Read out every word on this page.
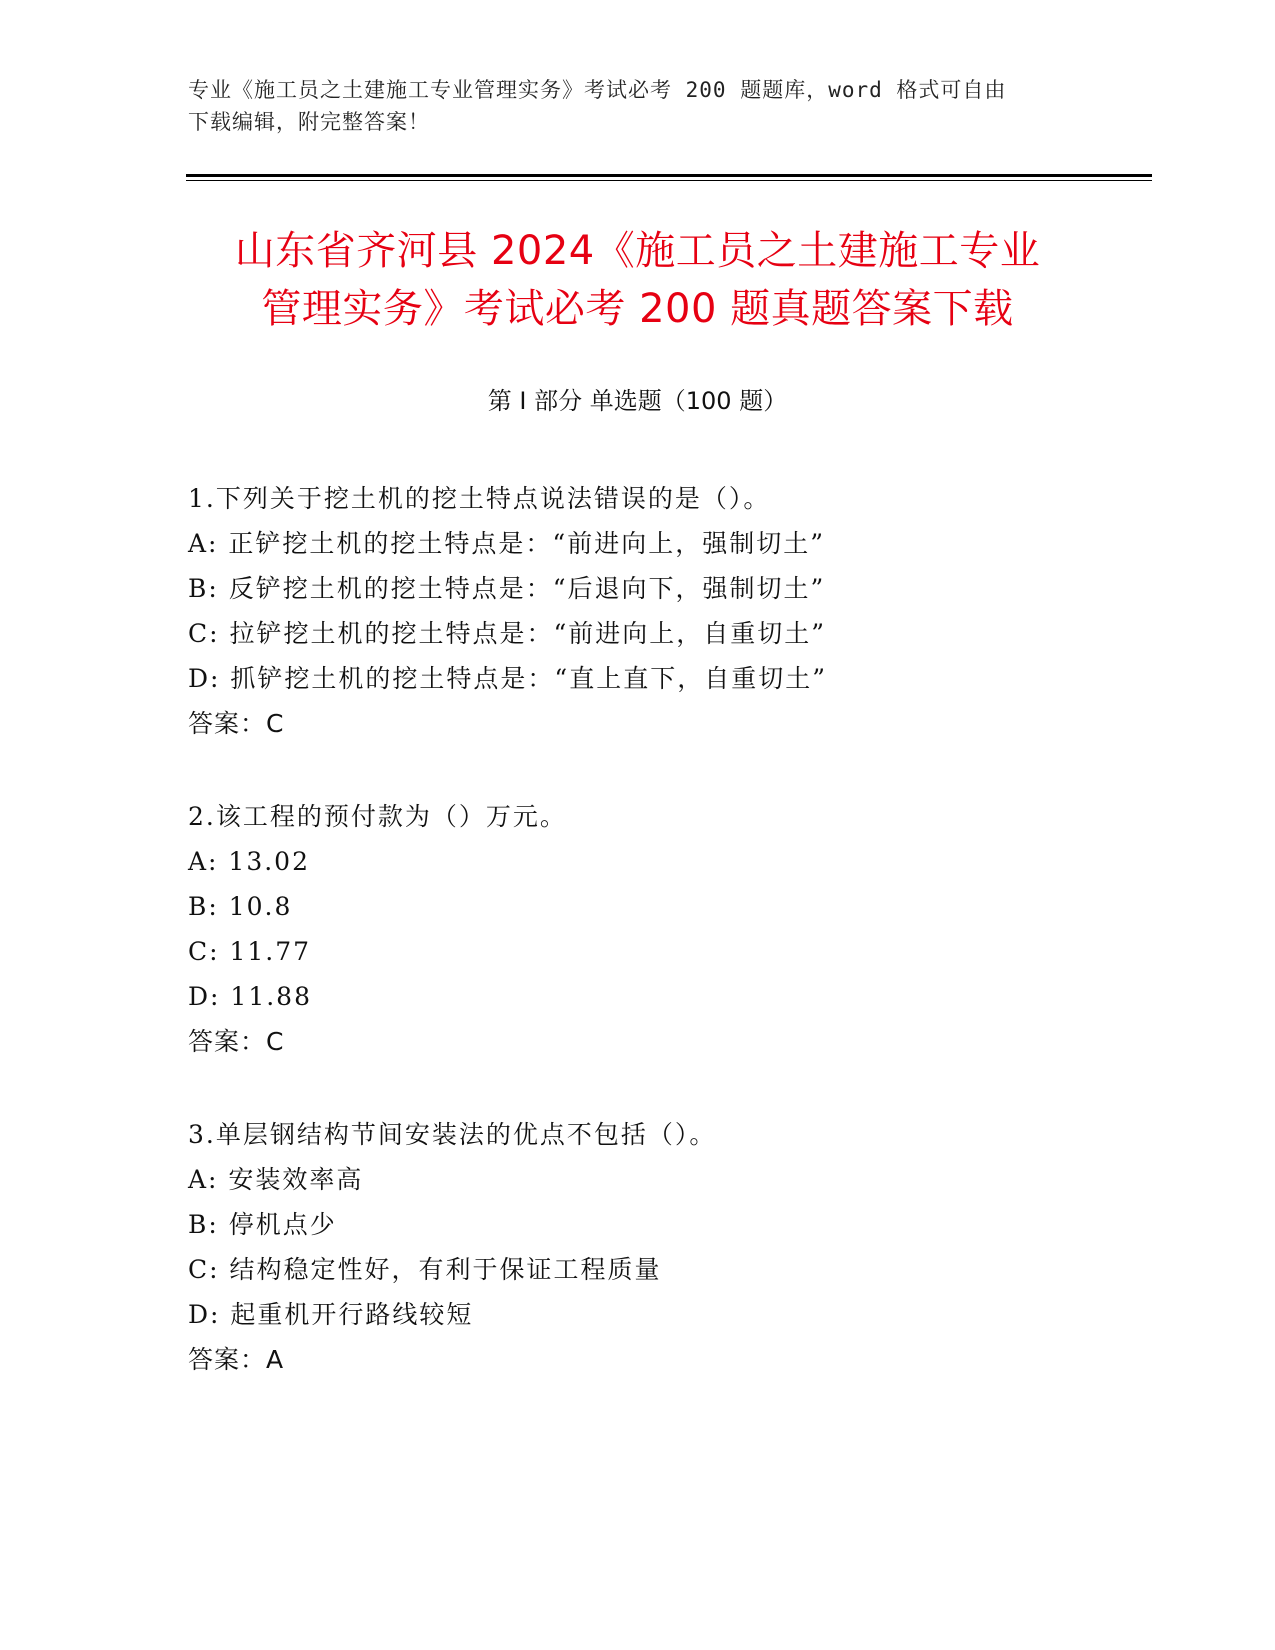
专业《施工员之土建施工专业管理实务》考试必考 200 题题库，word 格式可自由
下载编辑，附完整答案！
山东省齐河县 2024《施工员之土建施工专业
管理实务》考试必考 200 题真题答案下载
第 I 部分 单选题（100 题）
1.下列关于挖土机的挖土特点说法错误的是（）。
A: 正铲挖土机的挖土特点是：“前进向上，强制切土”
B: 反铲挖土机的挖土特点是：“后退向下，强制切土”
C: 拉铲挖土机的挖土特点是：“前进向上，自重切土”
D: 抓铲挖土机的挖土特点是：“直上直下，自重切土”
答案：C
2.该工程的预付款为（）万元。
A: 13.02
B: 10.8
C: 11.77
D: 11.88
答案：C
3.单层钢结构节间安装法的优点不包括（）。
A: 安装效率高
B: 停机点少
C: 结构稳定性好，有利于保证工程质量
D: 起重机开行路线较短
答案：A
